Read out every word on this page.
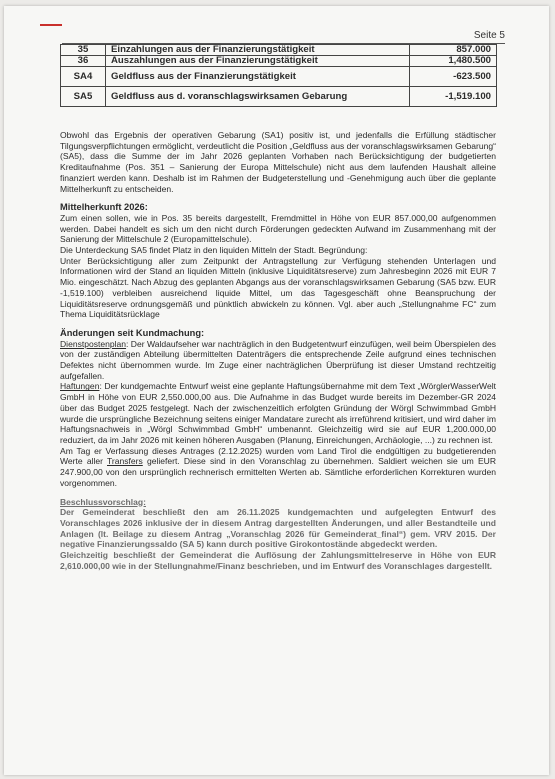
Seite 5
35	Einzahlungen aus der Finanzierungstätigkeit	857.000
36	Auszahlungen aus der Finanzierungstätigkeit	1,480.500
SA4	Geldfluss aus der Finanzierungstätigkeit	-623.500
SA5	Geldfluss aus d. voranschlagswirksamen Gebarung	-1,519.100

Obwohl das Ergebnis der operativen Gebarung (SA1) positiv ist, und jedenfalls die Erfüllung städtischer Tilgungsverpflichtungen ermöglicht, verdeutlicht die Position „Geldfluss aus der voranschlagswirksamen Gebarung“ (SA5), dass die Summe der im Jahr 2026 geplanten Vorhaben nach Berücksichtigung der budgetierten Kreditaufnahme (Pos. 351 – Sanierung der Europa Mittelschule) nicht aus dem laufenden Haushalt alleine finanziert werden kann. Deshalb ist im Rahmen der Budgeterstellung und -Genehmigung auch über die geplante Mittelherkunft zu entscheiden.

Mittelherkunft 2026:

Zum einen sollen, wie in Pos. 35 bereits dargestellt, Fremdmittel in Höhe von EUR 857.000,00 aufgenommen werden. Dabei handelt es sich um den nicht durch Förderungen gedeckten Aufwand im Zusammenhang mit der Sanierung der Mittelschule 2 (Europamittelschule).

Die Unterdeckung SA5 findet Platz in den liquiden Mitteln der Stadt. Begründung:

Unter Berücksichtigung aller zum Zeitpunkt der Antragstellung zur Verfügung stehenden Unterlagen und Informationen wird der Stand an liquiden Mitteln (inklusive Liquiditätsreserve) zum Jahresbeginn 2026 mit EUR 7 Mio. eingeschätzt. Nach Abzug des geplanten Abgangs aus der voranschlagswirksamen Gebarung (SA5 bzw. EUR -1,519.100) verbleiben ausreichend liquide Mittel, um das Tagesgeschäft ohne Beanspruchung der Liquiditätsreserve ordnungsgemäß und pünktlich abwickeln zu können. Vgl. aber auch „Stellungnahme FC“ zum Thema Liquiditätsrücklage

Änderungen seit Kundmachung:

Dienstpostenplan: Der Waldaufseher war nachträglich in den Budgetentwurf einzufügen, weil beim Überspielen des von der zuständigen Abteilung übermittelten Datenträgers die entsprechende Zeile aufgrund eines technischen Defektes nicht übernommen wurde. Im Zuge einer nachträglichen Überprüfung ist dieser Umstand rechtzeitig aufgefallen.

Haftungen: Der kundgemachte Entwurf weist eine geplante Haftungsübernahme mit dem Text „WörglerWasserWelt GmbH in Höhe von EUR 2,550.000,00 aus. Die Aufnahme in das Budget wurde bereits im Dezember-GR 2024 über das Budget 2025 festgelegt. Nach der zwischenzeitlich erfolgten Gründung der Wörgl Schwimmbad GmbH wurde die ursprüngliche Bezeichnung seitens einiger Mandatare zurecht als irreführend kritisiert, und wird daher im Haftungsnachweis in „Wörgl Schwimmbad GmbH“ umbenannt. Gleichzeitig wird sie auf EUR 1,200.000,00 reduziert, da im Jahr 2026 mit keinen höheren Ausgaben (Planung, Einreichungen, Archäologie, ...) zu rechnen ist.

Am Tag er Verfassung dieses Antrages (2.12.2025) wurden vom Land Tirol die endgültigen zu budgetierenden Werte aller Transfers geliefert. Diese sind in den Voranschlag zu übernehmen. Saldiert weichen sie um EUR 247.900,00 von den ursprünglich rechnerisch ermittelten Werten ab. Sämtliche erforderlichen Korrekturen wurden vorgenommen.

Beschlussvorschlag:

Der Gemeinderat beschließt den am 26.11.2025 kundgemachten und aufgelegten Entwurf des Voranschlages 2026 inklusive der in diesem Antrag dargestellten Änderungen, und aller Bestandteile und Anlagen (lt. Beilage zu diesem Antrag „Voranschlag 2026 für Gemeinderat_final“) gem. VRV 2015. Der negative Finanzierungssaldo (SA 5) kann durch positive Girokontostände abgedeckt werden.

Gleichzeitig beschließt der Gemeinderat die Auflösung der Zahlungsmittelreserve in Höhe von EUR 2,610.000,00 wie in der Stellungnahme/Finanz beschrieben, und im Entwurf des Voranschlages dargestellt.
